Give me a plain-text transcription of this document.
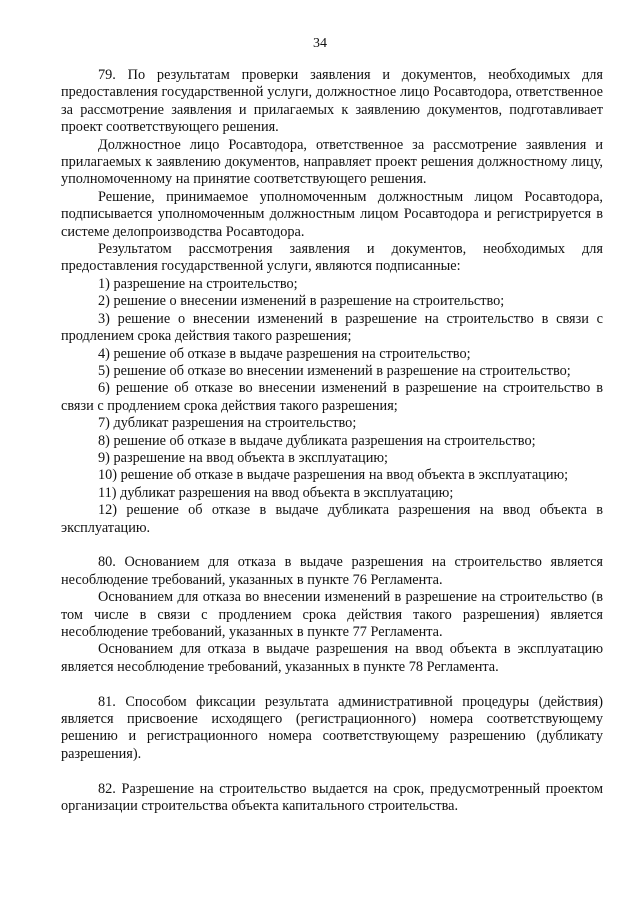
34

79. По результатам проверки заявления и документов, необходимых для предоставления государственной услуги, должностное лицо Росавтодора, ответственное за рассмотрение заявления и прилагаемых к заявлению документов, подготавливает проект соответствующего решения.

Должностное лицо Росавтодора, ответственное за рассмотрение заявления и прилагаемых к заявлению документов, направляет проект решения должностному лицу, уполномоченному на принятие соответствующего решения.

Решение, принимаемое уполномоченным должностным лицом Росавтодора, подписывается уполномоченным должностным лицом Росавтодора и регистрируется в системе делопроизводства Росавтодора.

Результатом рассмотрения заявления и документов, необходимых для предоставления государственной услуги, являются подписанные:

1) разрешение на строительство;

2) решение о внесении изменений в разрешение на строительство;

3) решение о внесении изменений в разрешение на строительство в связи с продлением срока действия такого разрешения;

4) решение об отказе в выдаче разрешения на строительство;

5) решение об отказе во внесении изменений в разрешение на строительство;

6) решение об отказе во внесении изменений в разрешение на строительство в связи с продлением срока действия такого разрешения;

7) дубликат разрешения на строительство;

8) решение об отказе в выдаче дубликата разрешения на строительство;

9) разрешение на ввод объекта в эксплуатацию;

10) решение об отказе в выдаче разрешения на ввод объекта в эксплуатацию;

11) дубликат разрешения на ввод объекта в эксплуатацию;

12) решение об отказе в выдаче дубликата разрешения на ввод объекта в эксплуатацию.

80. Основанием для отказа в выдаче разрешения на строительство является несоблюдение требований, указанных в пункте 76 Регламента.

Основанием для отказа во внесении изменений в разрешение на строительство (в том числе в связи с продлением срока действия такого разрешения) является несоблюдение требований, указанных в пункте 77 Регламента.

Основанием для отказа в выдаче разрешения на ввод объекта в эксплуатацию является несоблюдение требований, указанных в пункте 78 Регламента.

81. Способом фиксации результата административной процедуры (действия) является присвоение исходящего (регистрационного) номера соответствующему решению и регистрационного номера соответствующему разрешению (дубликату разрешения).

82. Разрешение на строительство выдается на срок, предусмотренный проектом организации строительства объекта капитального строительства.
